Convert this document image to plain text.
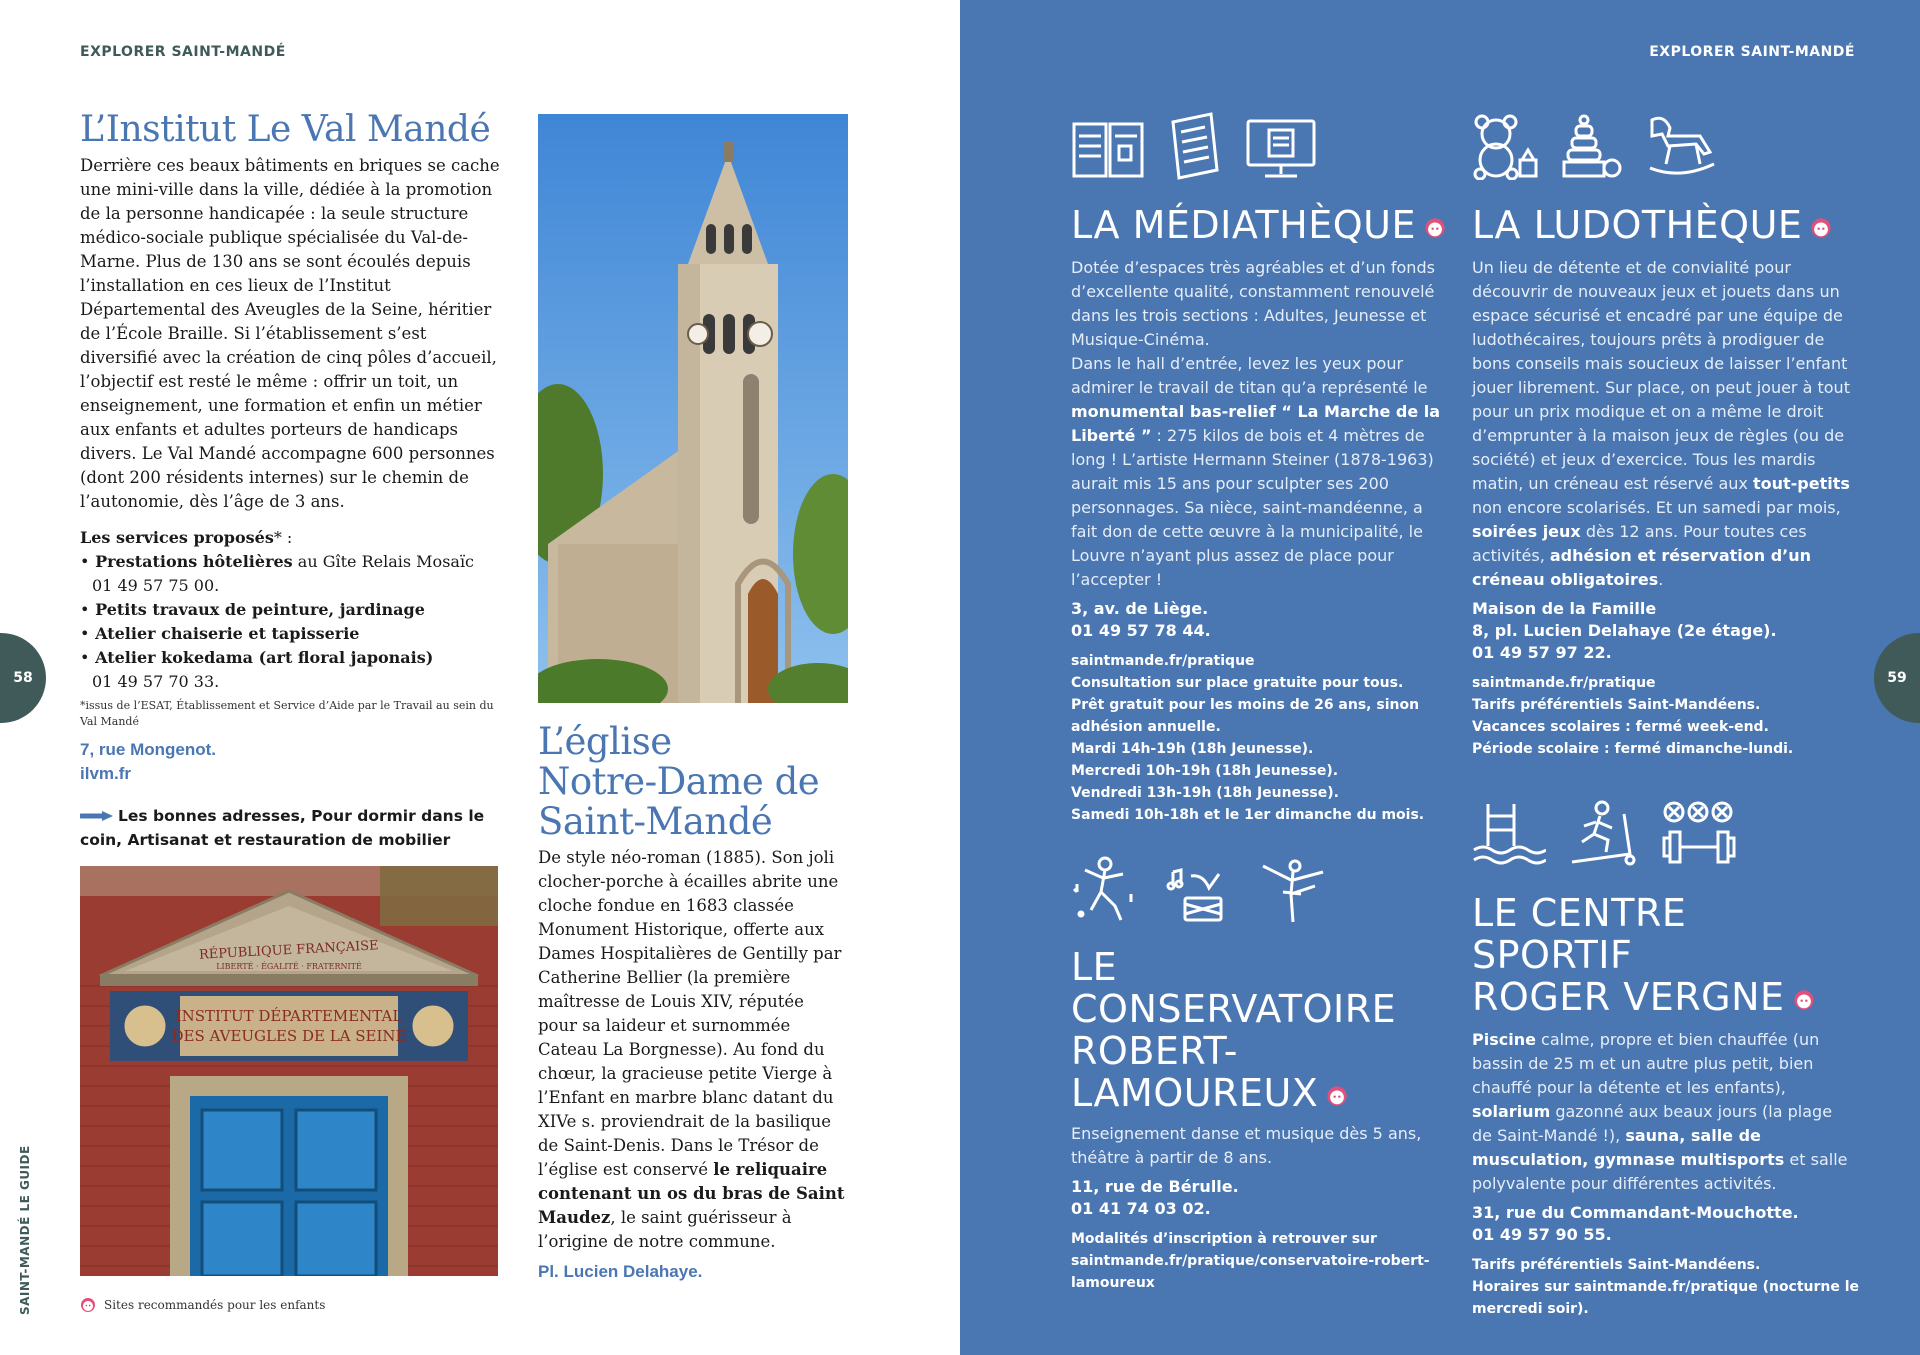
EXPLORER SAINT-MANDÉ
58
SAINT-MANDÉ LE GUIDE
L’Institut Le Val Mandé

Derrière ces beaux bâtiments en briques se cache une mini-ville dans la ville, dédiée à la promotion de la personne handicapée : la seule structure médico-sociale publique spécialisée du Val-de-Marne. Plus de 130 ans se sont écoulés depuis l’installation en ces lieux de l’Institut Départemental des Aveugles de la Seine, héritier de l’École Braille. Si l’établissement s’est diversifié avec la création de cinq pôles d’accueil, l’objectif est resté le même : offrir un toit, un enseignement, une formation et enfin un métier aux enfants et adultes porteurs de handicaps divers. Le Val Mandé accompagne 600 personnes (dont 200 résidents internes) sur le chemin de l’autonomie, dès l’âge de 3 ans.

Les services proposés* :
• Prestations hôtelières au Gîte Relais Mosaïc
01 49 57 75 00.
• Petits travaux de peinture, jardinage
• Atelier chaiserie et tapisserie
• Atelier kokedama (art floral japonais)
01 49 57 70 33.

*issus de l’ESAT, Établissement et Service d’Aide par le Travail au sein du Val Mandé

7, rue Mongenot.
ilvm.fr
Les bonnes adresses, Pour dormir dans le coin, Artisanat et restauration de mobilier
RÉPUBLIQUE FRANÇAISE
LIBERTÉ · ÉGALITÉ · FRATERNITÉ
INSTITUT DÉPARTEMENTAL
DES AVEUGLES DE LA SEINE
Sites recommandés pour les enfants
L’église
Notre-Dame de
Saint-Mandé

De style néo-roman (1885). Son joli clocher-porche à écailles abrite une cloche fondue en 1683 classée Monument Historique, offerte aux Dames Hospitalières de Gentilly par Catherine Bellier (la première maîtresse de Louis XIV, réputée pour sa laideur et surnommée Cateau La Borgnesse). Au fond du chœur, la gracieuse petite Vierge à l’Enfant en marbre blanc datant du XIVe s. proviendrait de la basilique de Saint-Denis. Dans le Trésor de l’église est conservé le reliquaire contenant un os du bras de Saint Maudez, le saint guérisseur à l’origine de notre commune.

Pl. Lucien Delahaye.
EXPLORER SAINT-MANDÉ
59
LA MÉDIATHÈQUE

Dotée d’espaces très agréables et d’un fonds d’excellente qualité, constamment renouvelé dans les trois sections : Adultes, Jeunesse et Musique-Cinéma.

Dans le hall d’entrée, levez les yeux pour admirer le travail de titan qu’a représenté le monumental bas-relief “ La Marche de la Liberté ” : 275 kilos de bois et 4 mètres de long ! L’artiste Hermann Steiner (1878-1963) aurait mis 15 ans pour sculpter ses 200 personnages. Sa nièce, saint-mandéenne, a fait don de cette œuvre à la municipalité, le Louvre n’ayant plus assez de place pour l’accepter !

3, av. de Liège.
01 49 57 78 44.
saintmande.fr/pratique
Consultation sur place gratuite pour tous.
Prêt gratuit pour les moins de 26 ans, sinon
adhésion annuelle.
Mardi 14h-19h (18h Jeunesse).
Mercredi 10h-19h (18h Jeunesse).
Vendredi 13h-19h (18h Jeunesse).
Samedi 10h-18h et le 1er dimanche du mois.
LE
CONSERVATOIRE
ROBERT-
LAMOUREUX

Enseignement danse et musique dès 5 ans, théâtre à partir de 8 ans.

11, rue de Bérulle.
01 41 74 03 02.
Modalités d’inscription à retrouver sur
saintmande.fr/pratique/conservatoire-robert-
lamoureux
LA LUDOTHÈQUE

Un lieu de détente et de convialité pour découvrir de nouveaux jeux et jouets dans un espace sécurisé et encadré par une équipe de ludothécaires, toujours prêts à prodiguer de bons conseils mais soucieux de laisser l’enfant jouer librement. Sur place, on peut jouer à tout pour un prix modique et on a même le droit d’emprunter à la maison jeux de règles (ou de société) et jeux d’exercice. Tous les mardis matin, un créneau est réservé aux tout-petits non encore scolarisés. Et un samedi par mois, soirées jeux dès 12 ans. Pour toutes ces activités, adhésion et réservation d’un créneau obligatoires.

Maison de la Famille
8, pl. Lucien Delahaye (2e étage).
01 49 57 97 22.
saintmande.fr/pratique
Tarifs préférentiels Saint-Mandéens.
Vacances scolaires : fermé week-end.
Période scolaire : fermé dimanche-lundi.
LE CENTRE SPORTIF
ROGER VERGNE

Piscine calme, propre et bien chauffée (un bassin de 25 m et un autre plus petit, bien chauffé pour la détente et les enfants), solarium gazonné aux beaux jours (la plage de Saint-Mandé !), sauna, salle de musculation, gymnase multisports et salle polyvalente pour différentes activités.

31, rue du Commandant-Mouchotte.
01 49 57 90 55.
Tarifs préférentiels Saint-Mandéens.
Horaires sur saintmande.fr/pratique (nocturne le
mercredi soir).
